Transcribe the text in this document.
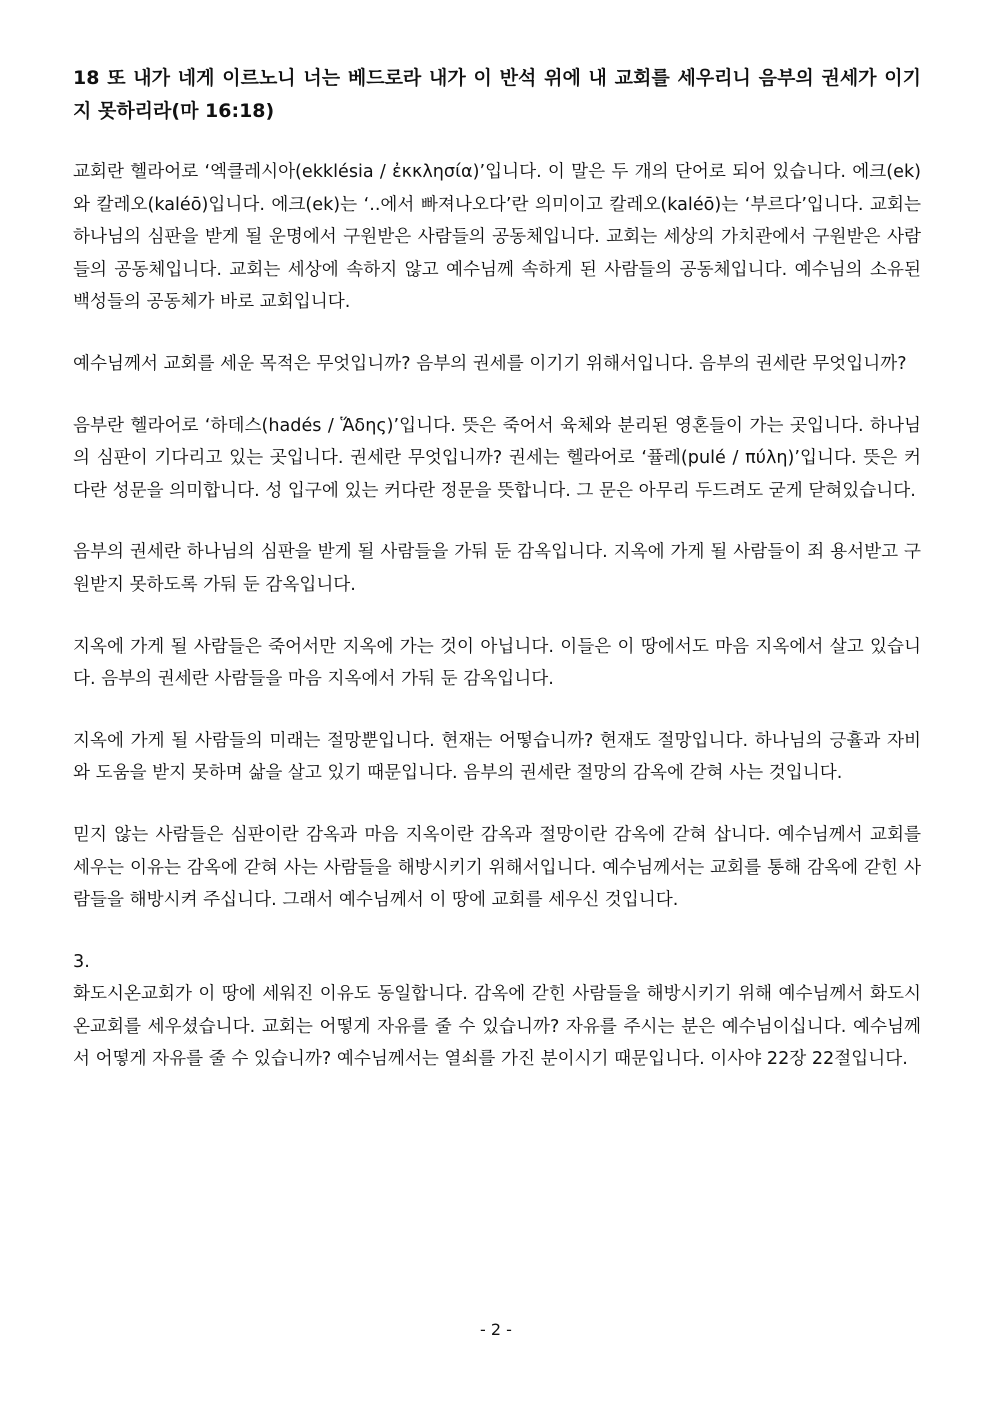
18 또 내가 네게 이르노니 너는 베드로라 내가 이 반석 위에 내 교회를 세우리니 음부의 권세가 이기지 못하리라(마 16:18)

교회란 헬라어로 ‘엑클레시아(ekklésia / ἐκκλησία)’입니다. 이 말은 두 개의 단어로 되어 있습니다. 에크(ek)와 칼레오(kaléō)입니다. 에크(ek)는 ‘..에서 빠져나오다’란 의미이고 칼레오(kaléō)는 ‘부르다’입니다. 교회는 하나님의 심판을 받게 될 운명에서 구원받은 사람들의 공동체입니다. 교회는 세상의 가치관에서 구원받은 사람들의 공동체입니다. 교회는 세상에 속하지 않고 예수님께 속하게 된 사람들의 공동체입니다. 예수님의 소유된 백성들의 공동체가 바로 교회입니다.

예수님께서 교회를 세운 목적은 무엇입니까? 음부의 권세를 이기기 위해서입니다. 음부의 권세란 무엇입니까?

음부란 헬라어로 ‘하데스(hadés / Ἅδης)’입니다. 뜻은 죽어서 육체와 분리된 영혼들이 가는 곳입니다. 하나님의 심판이 기다리고 있는 곳입니다. 권세란 무엇입니까? 권세는 헬라어로 ‘퓰레(pulé / πύλη)’입니다. 뜻은 커다란 성문을 의미합니다. 성 입구에 있는 커다란 정문을 뜻합니다. 그 문은 아무리 두드려도 굳게 닫혀있습니다.

음부의 권세란 하나님의 심판을 받게 될 사람들을 가둬 둔 감옥입니다. 지옥에 가게 될 사람들이 죄 용서받고 구원받지 못하도록 가둬 둔 감옥입니다.

지옥에 가게 될 사람들은 죽어서만 지옥에 가는 것이 아닙니다. 이들은 이 땅에서도 마음 지옥에서 살고 있습니다. 음부의 권세란 사람들을 마음 지옥에서 가둬 둔 감옥입니다.

지옥에 가게 될 사람들의 미래는 절망뿐입니다. 현재는 어떻습니까? 현재도 절망입니다. 하나님의 긍휼과 자비와 도움을 받지 못하며 삶을 살고 있기 때문입니다. 음부의 권세란 절망의 감옥에 갇혀 사는 것입니다.

믿지 않는 사람들은 심판이란 감옥과 마음 지옥이란 감옥과 절망이란 감옥에 갇혀 삽니다. 예수님께서 교회를 세우는 이유는 감옥에 갇혀 사는 사람들을 해방시키기 위해서입니다. 예수님께서는 교회를 통해 감옥에 갇힌 사람들을 해방시켜 주십니다. 그래서 예수님께서 이 땅에 교회를 세우신 것입니다.

3.

화도시온교회가 이 땅에 세워진 이유도 동일합니다. 감옥에 갇힌 사람들을 해방시키기 위해 예수님께서 화도시온교회를 세우셨습니다. 교회는 어떻게 자유를 줄 수 있습니까? 자유를 주시는 분은 예수님이십니다. 예수님께서 어떻게 자유를 줄 수 있습니까? 예수님께서는 열쇠를 가진 분이시기 때문입니다. 이사야 22장 22절입니다.

- 2 -
